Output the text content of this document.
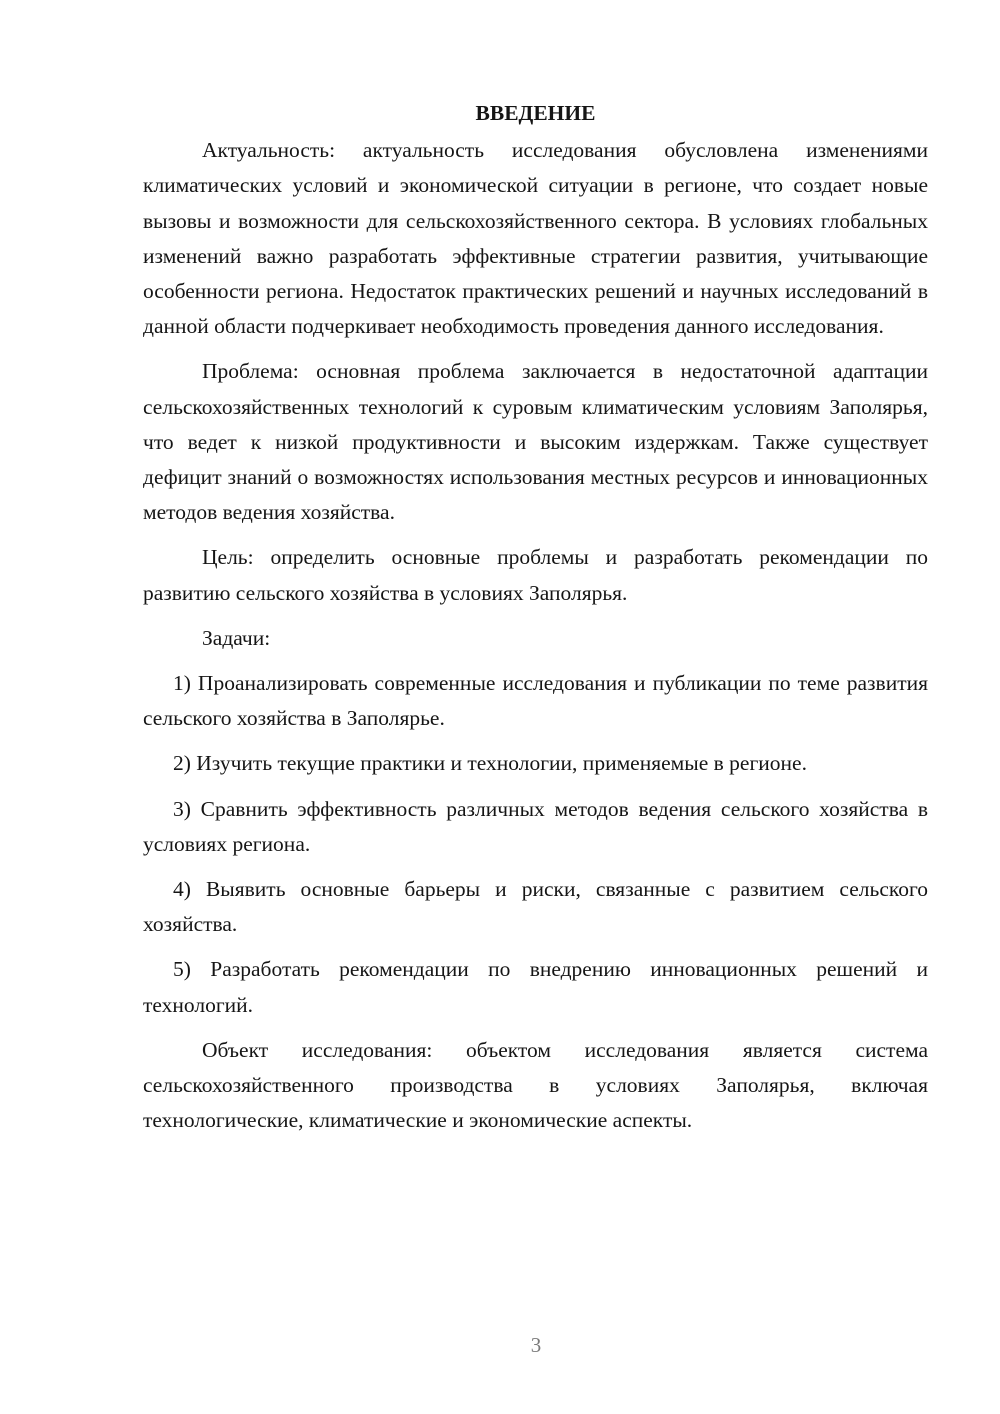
ВВЕДЕНИЕ

Актуальность: актуальность исследования обусловлена изменениями климатических условий и экономической ситуации в регионе, что создает новые вызовы и возможности для сельскохозяйственного сектора. В условиях глобальных изменений важно разработать эффективные стратегии развития, учитывающие особенности региона. Недостаток практических решений и научных исследований в данной области подчеркивает необходимость проведения данного исследования.

Проблема: основная проблема заключается в недостаточной адаптации сельскохозяйственных технологий к суровым климатическим условиям Заполярья, что ведет к низкой продуктивности и высоким издержкам. Также существует дефицит знаний о возможностях использования местных ресурсов и инновационных методов ведения хозяйства.

Цель: определить основные проблемы и разработать рекомендации по развитию сельского хозяйства в условиях Заполярья.

Задачи:

1) Проанализировать современные исследования и публикации по теме развития сельского хозяйства в Заполярье.

2) Изучить текущие практики и технологии, применяемые в регионе.

3) Сравнить эффективность различных методов ведения сельского хозяйства в условиях региона.

4) Выявить основные барьеры и риски, связанные с развитием сельского хозяйства.

5) Разработать рекомендации по внедрению инновационных решений и технологий.

Объект исследования: объектом исследования является система сельскохозяйственного производства в условиях Заполярья, включая технологические, климатические и экономические аспекты.

3
